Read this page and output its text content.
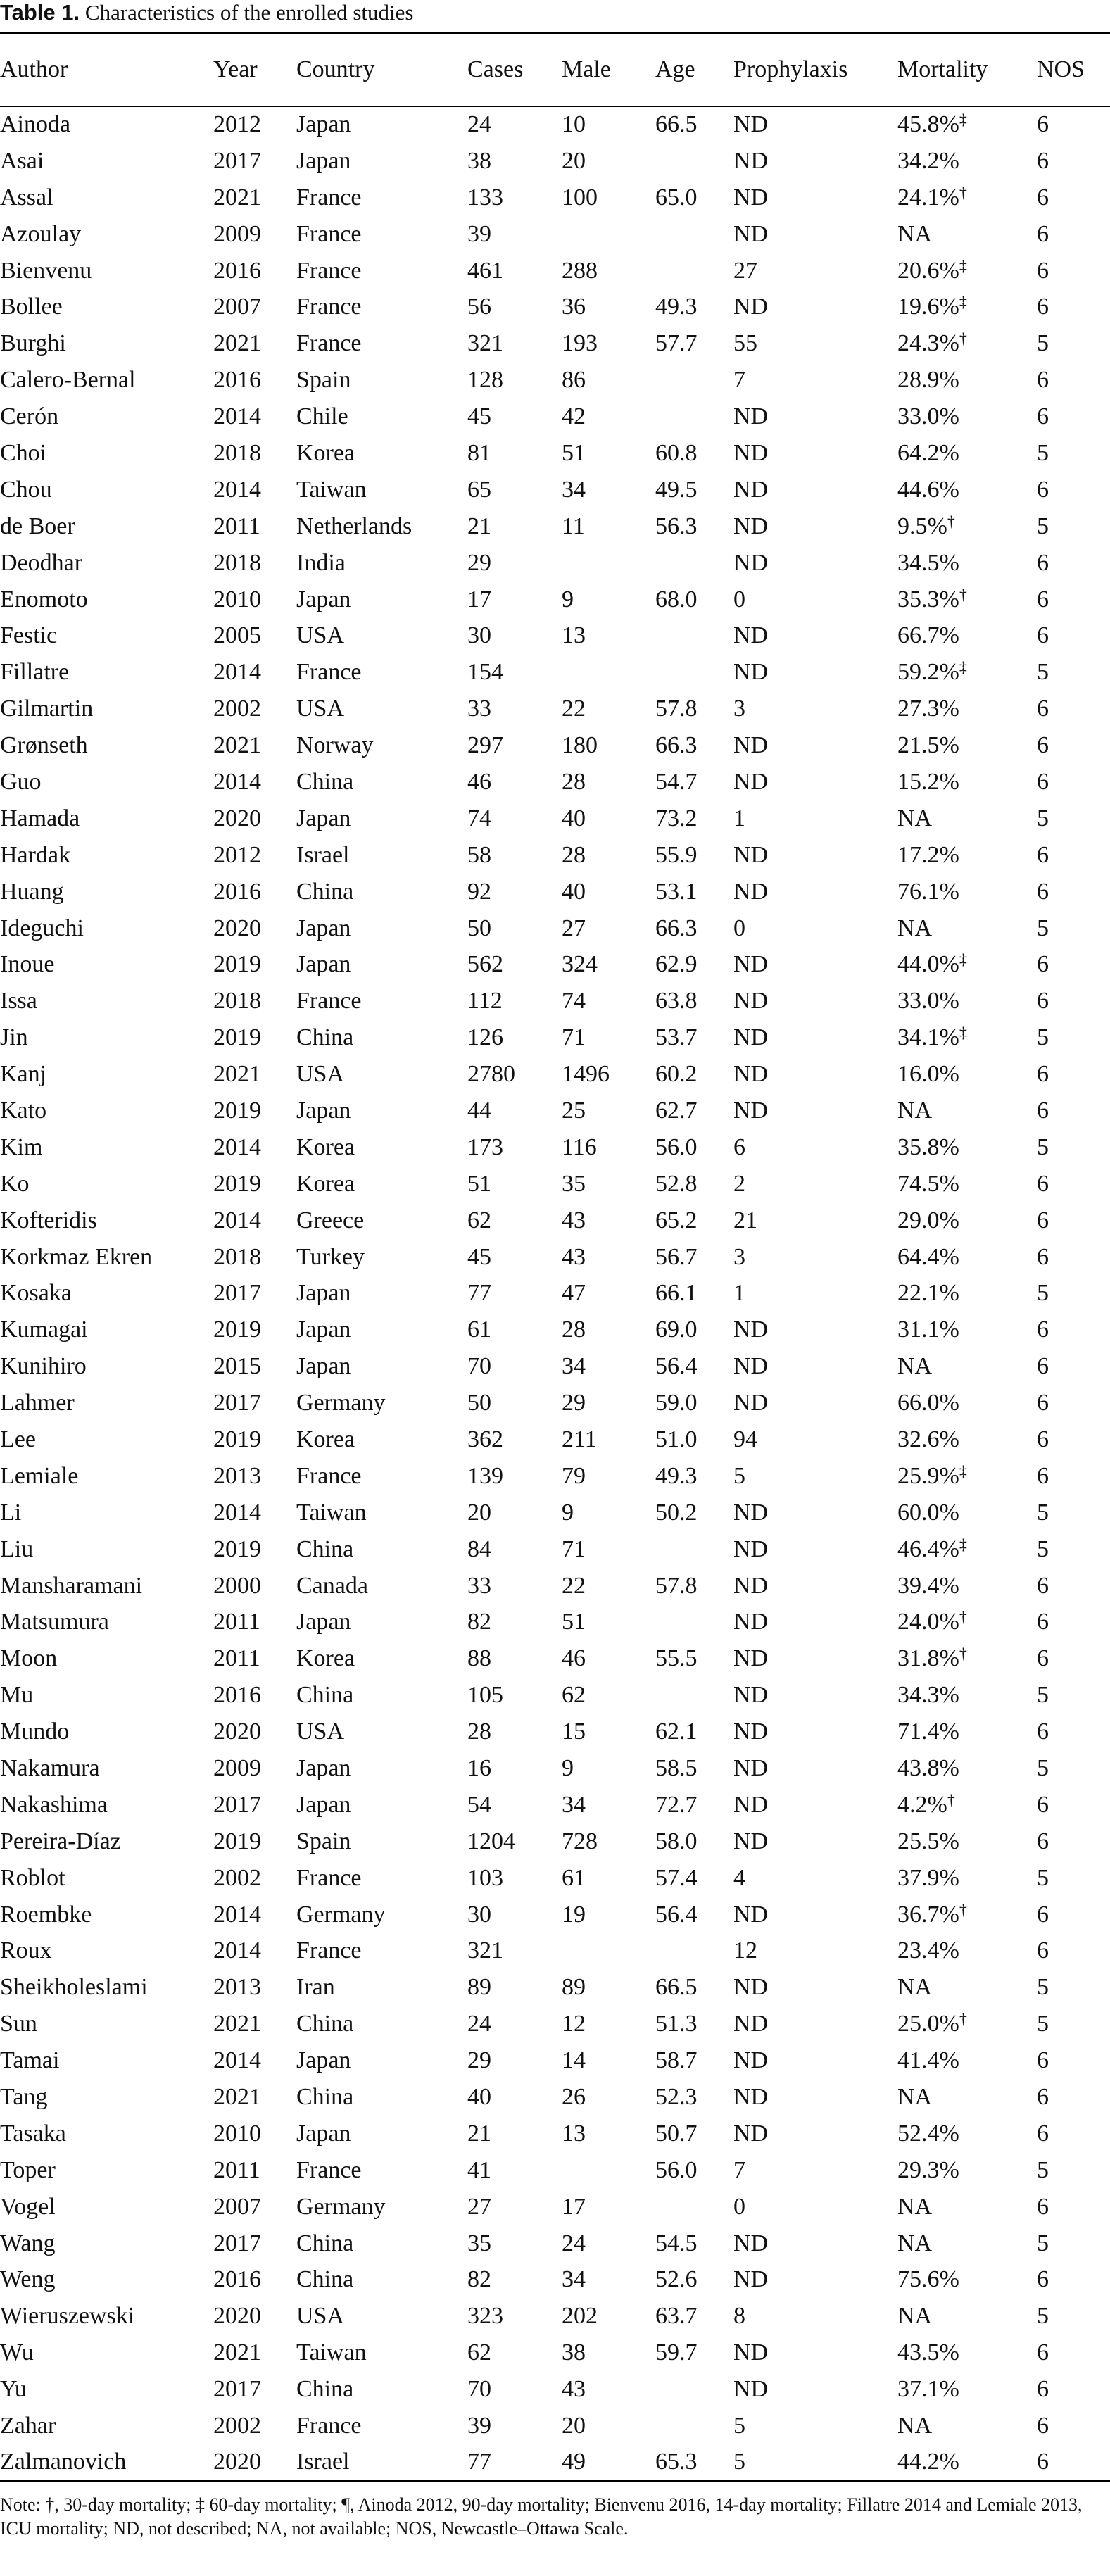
Table 1. Characteristics of the enrolled studies
Author	Year	Country	Cases	Male	Age	Prophylaxis	Mortality	NOS
Ainoda	2012	Japan	24	10	66.5	ND	45.8%‡	6
Asai	2017	Japan	38	20		ND	34.2%	6
Assal	2021	France	133	100	65.0	ND	24.1%†	6
Azoulay	2009	France	39			ND	NA	6
Bienvenu	2016	France	461	288		27	20.6%‡	6
Bollee	2007	France	56	36	49.3	ND	19.6%‡	6
Burghi	2021	France	321	193	57.7	55	24.3%†	5
Calero-Bernal	2016	Spain	128	86		7	28.9%	6
Cerón	2014	Chile	45	42		ND	33.0%	6
Choi	2018	Korea	81	51	60.8	ND	64.2%	5
Chou	2014	Taiwan	65	34	49.5	ND	44.6%	6
de Boer	2011	Netherlands	21	11	56.3	ND	9.5%†	5
Deodhar	2018	India	29			ND	34.5%	6
Enomoto	2010	Japan	17	9	68.0	0	35.3%†	6
Festic	2005	USA	30	13		ND	66.7%	6
Fillatre	2014	France	154			ND	59.2%‡	5
Gilmartin	2002	USA	33	22	57.8	3	27.3%	6
Grønseth	2021	Norway	297	180	66.3	ND	21.5%	6
Guo	2014	China	46	28	54.7	ND	15.2%	6
Hamada	2020	Japan	74	40	73.2	1	NA	5
Hardak	2012	Israel	58	28	55.9	ND	17.2%	6
Huang	2016	China	92	40	53.1	ND	76.1%	6
Ideguchi	2020	Japan	50	27	66.3	0	NA	5
Inoue	2019	Japan	562	324	62.9	ND	44.0%‡	6
Issa	2018	France	112	74	63.8	ND	33.0%	6
Jin	2019	China	126	71	53.7	ND	34.1%‡	5
Kanj	2021	USA	2780	1496	60.2	ND	16.0%	6
Kato	2019	Japan	44	25	62.7	ND	NA	6
Kim	2014	Korea	173	116	56.0	6	35.8%	5
Ko	2019	Korea	51	35	52.8	2	74.5%	6
Kofteridis	2014	Greece	62	43	65.2	21	29.0%	6
Korkmaz Ekren	2018	Turkey	45	43	56.7	3	64.4%	6
Kosaka	2017	Japan	77	47	66.1	1	22.1%	5
Kumagai	2019	Japan	61	28	69.0	ND	31.1%	6
Kunihiro	2015	Japan	70	34	56.4	ND	NA	6
Lahmer	2017	Germany	50	29	59.0	ND	66.0%	6
Lee	2019	Korea	362	211	51.0	94	32.6%	6
Lemiale	2013	France	139	79	49.3	5	25.9%‡	6
Li	2014	Taiwan	20	9	50.2	ND	60.0%	5
Liu	2019	China	84	71		ND	46.4%‡	5
Mansharamani	2000	Canada	33	22	57.8	ND	39.4%	6
Matsumura	2011	Japan	82	51		ND	24.0%†	6
Moon	2011	Korea	88	46	55.5	ND	31.8%†	6
Mu	2016	China	105	62		ND	34.3%	5
Mundo	2020	USA	28	15	62.1	ND	71.4%	6
Nakamura	2009	Japan	16	9	58.5	ND	43.8%	5
Nakashima	2017	Japan	54	34	72.7	ND	4.2%†	6
Pereira-Díaz	2019	Spain	1204	728	58.0	ND	25.5%	6
Roblot	2002	France	103	61	57.4	4	37.9%	5
Roembke	2014	Germany	30	19	56.4	ND	36.7%†	6
Roux	2014	France	321			12	23.4%	6
Sheikholeslami	2013	Iran	89	89	66.5	ND	NA	5
Sun	2021	China	24	12	51.3	ND	25.0%†	5
Tamai	2014	Japan	29	14	58.7	ND	41.4%	6
Tang	2021	China	40	26	52.3	ND	NA	6
Tasaka	2010	Japan	21	13	50.7	ND	52.4%	6
Toper	2011	France	41		56.0	7	29.3%	5
Vogel	2007	Germany	27	17		0	NA	6
Wang	2017	China	35	24	54.5	ND	NA	5
Weng	2016	China	82	34	52.6	ND	75.6%	6
Wieruszewski	2020	USA	323	202	63.7	8	NA	5
Wu	2021	Taiwan	62	38	59.7	ND	43.5%	6
Yu	2017	China	70	43		ND	37.1%	6
Zahar	2002	France	39	20		5	NA	6
Zalmanovich	2020	Israel	77	49	65.3	5	44.2%	6
Note: †, 30-day mortality; ‡ 60-day mortality; ¶, Ainoda 2012, 90-day mortality; Bienvenu 2016, 14-day mortality; Fillatre 2014 and Lemiale 2013, ICU mortality; ND, not described; NA, not available; NOS, Newcastle–Ottawa Scale.
